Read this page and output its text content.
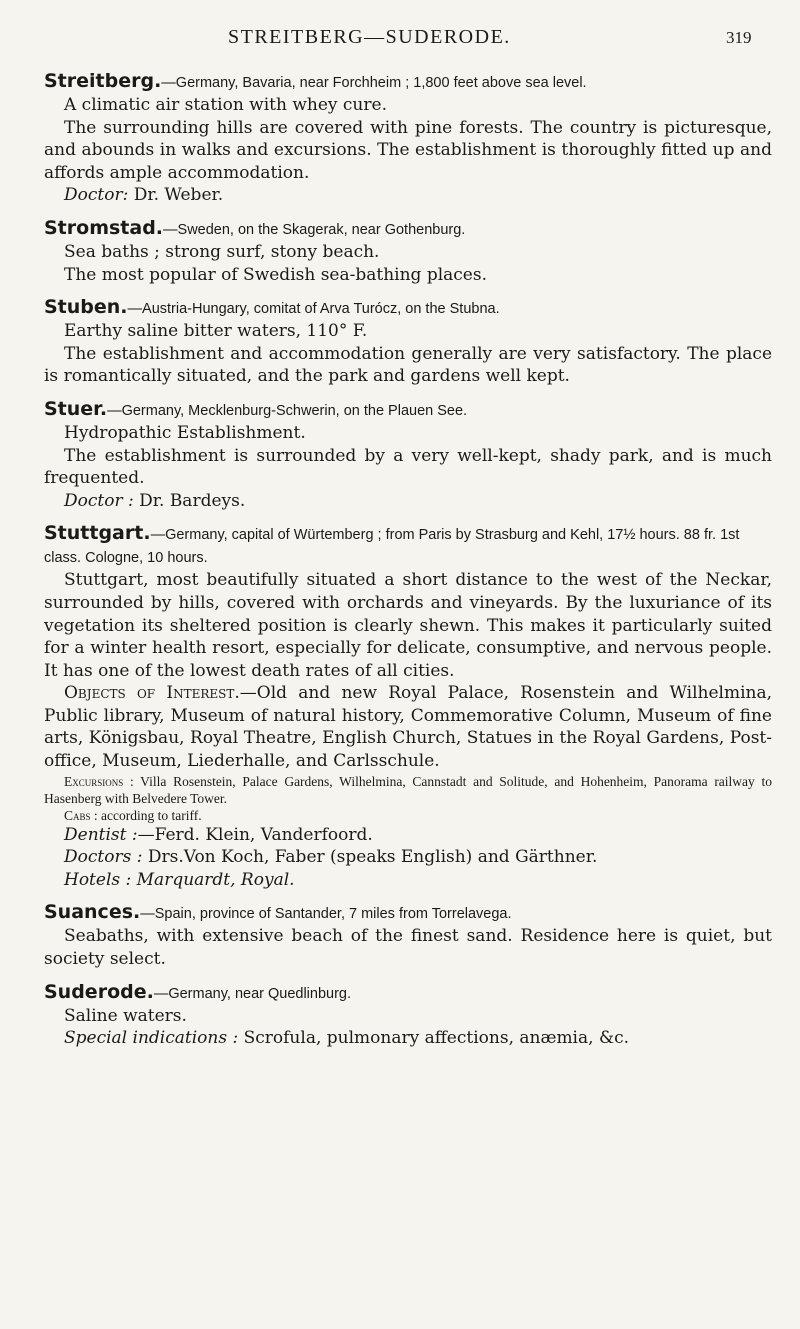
STREITBERG—SUDERODE.	319

Streitberg.—Germany, Bavaria, near Forchheim ; 1,800 feet above sea level.

A climatic air station with whey cure.

The surrounding hills are covered with pine forests. The country is picturesque, and abounds in walks and excursions. The establishment is thoroughly fitted up and affords ample accommodation.

Doctor: Dr. Weber.

Stromstad.—Sweden, on the Skagerak, near Gothenburg.

Sea baths ; strong surf, stony beach.

The most popular of Swedish sea-bathing places.

Stuben.—Austria-Hungary, comitat of Arva Turócz, on the Stubna.

Earthy saline bitter waters, 110° F.

The establishment and accommodation generally are very satisfactory. The place is romantically situated, and the park and gardens well kept.

Stuer.—Germany, Mecklenburg-Schwerin, on the Plauen See.

Hydropathic Establishment.

The establishment is surrounded by a very well-kept, shady park, and is much frequented.

Doctor : Dr. Bardeys.

Stuttgart.—Germany, capital of Würtemberg ; from Paris by Strasburg and Kehl, 17½ hours. 88 fr. 1st class. Cologne, 10 hours.

Stuttgart, most beautifully situated a short distance to the west of the Neckar, surrounded by hills, covered with orchards and vineyards. By the luxuriance of its vegetation its sheltered position is clearly shewn. This makes it particularly suited for a winter health resort, especially for delicate, consumptive, and nervous people. It has one of the lowest death rates of all cities.

Objects of Interest.—Old and new Royal Palace, Rosenstein and Wilhelmina, Public library, Museum of natural history, Commemorative Column, Museum of fine arts, Königsbau, Royal Theatre, English Church, Statues in the Royal Gardens, Post-office, Museum, Liederhalle, and Carlsschule.

Excursions : Villa Rosenstein, Palace Gardens, Wilhelmina, Cannstadt and Solitude, and Hohenheim, Panorama railway to Hasenberg with Belvedere Tower.

Cabs : according to tariff.

Dentist :—Ferd. Klein, Vanderfoord.

Doctors : Drs.Von Koch, Faber (speaks English) and Gärthner.

Hotels : Marquardt, Royal.

Suances.—Spain, province of Santander, 7 miles from Torrelavega.

Seabaths, with extensive beach of the finest sand. Residence here is quiet, but society select.

Suderode.—Germany, near Quedlinburg.

Saline waters.

Special indications : Scrofula, pulmonary affections, anæmia, &c.
